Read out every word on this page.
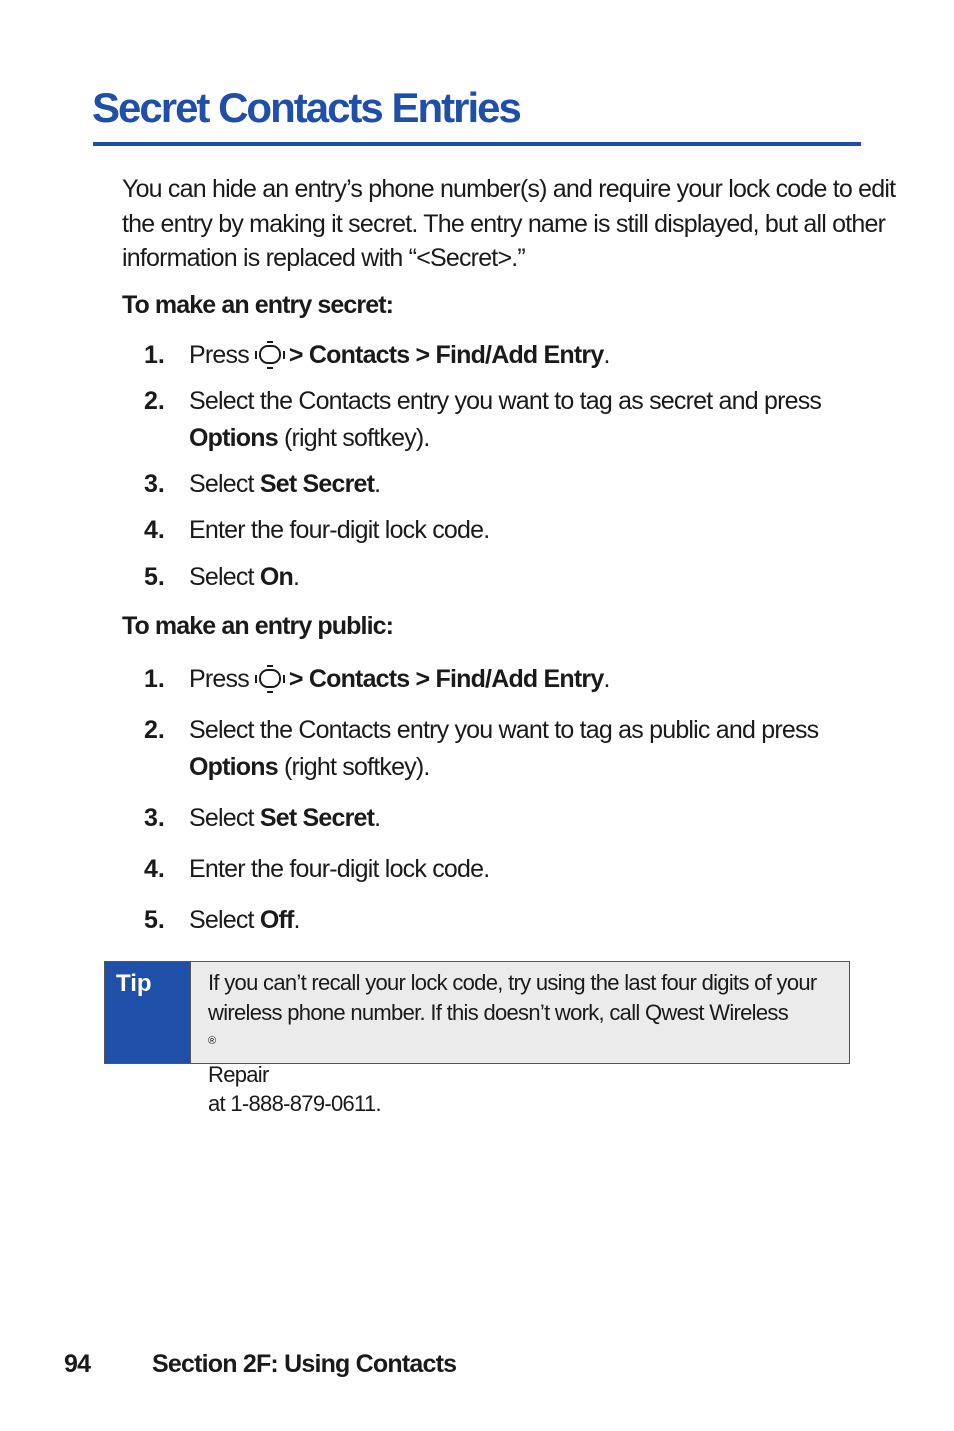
Secret Contacts Entries

You can hide an entry’s phone number(s) and require your lock code to edit
the entry by making it secret. The entry name is still displayed, but all other
information is replaced with “<Secret>.”

To make an entry secret:
1. Press > Contacts > Find/Add Entry.
2. Select the Contacts entry you want to tag as secret and press
Options (right softkey).
3. Select Set Secret.
4. Enter the four-digit lock code.
5. Select On.
To make an entry public:
1. Press > Contacts > Find/Add Entry.
2. Select the Contacts entry you want to tag as public and press
Options (right softkey).
3. Select Set Secret.
4. Enter the four-digit lock code.
5. Select Off.
Tip	If you can’t recall your lock code, try using the last four digits of your
wireless phone number. If this doesn’t work, call Qwest Wireless
®
Repair
at 1-888-879-0611.
94 Section 2F: Using Contacts
